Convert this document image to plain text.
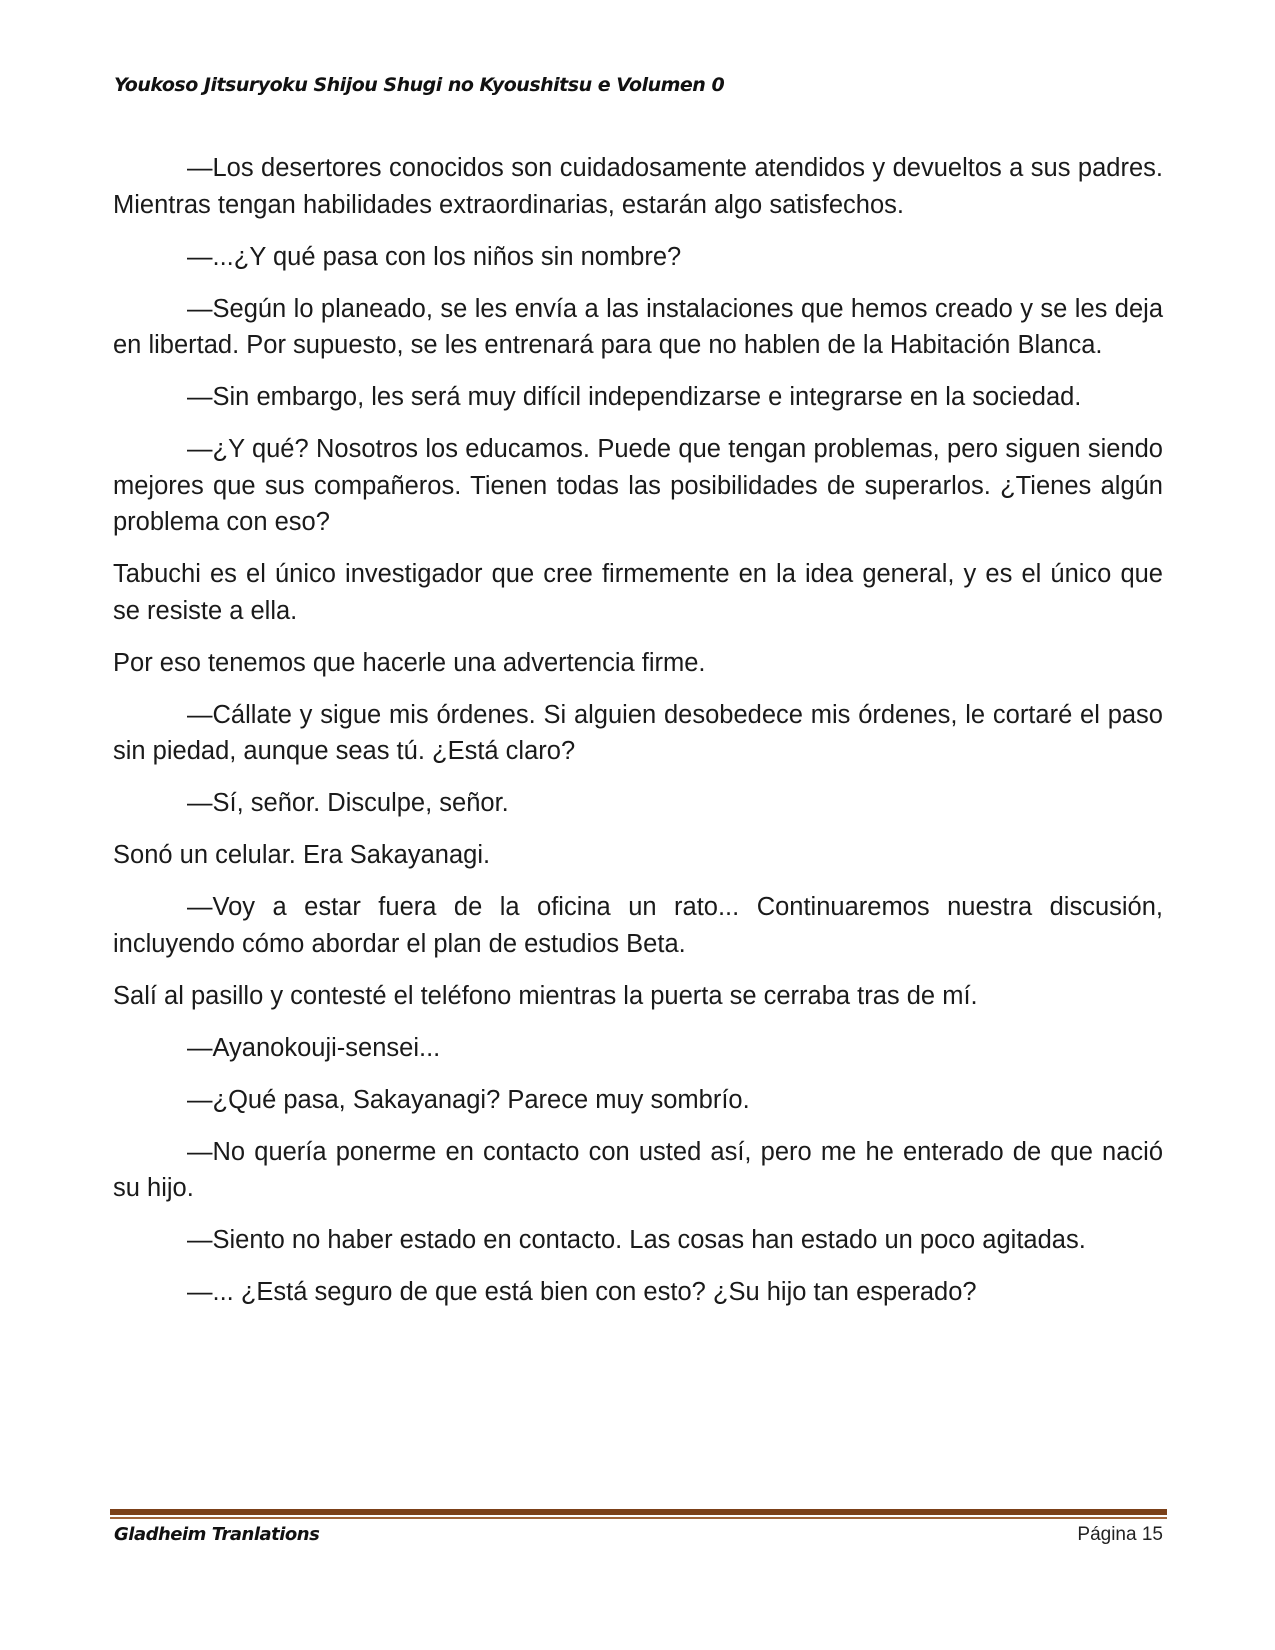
Youkoso Jitsuryoku Shijou Shugi no Kyoushitsu e Volumen 0

—Los desertores conocidos son cuidadosamente atendidos y devueltos a sus padres. Mientras tengan habilidades extraordinarias, estarán algo satisfechos.

—...¿Y qué pasa con los niños sin nombre?

—Según lo planeado, se les envía a las instalaciones que hemos creado y se les deja en libertad. Por supuesto, se les entrenará para que no hablen de la Habitación Blanca.

—Sin embargo, les será muy difícil independizarse e integrarse en la sociedad.

—¿Y qué? Nosotros los educamos. Puede que tengan problemas, pero siguen siendo mejores que sus compañeros. Tienen todas las posibilidades de superarlos. ¿Tienes algún problema con eso?

Tabuchi es el único investigador que cree firmemente en la idea general, y es el único que se resiste a ella.

Por eso tenemos que hacerle una advertencia firme.

—Cállate y sigue mis órdenes. Si alguien desobedece mis órdenes, le cortaré el paso sin piedad, aunque seas tú. ¿Está claro?

—Sí, señor. Disculpe, señor.

Sonó un celular. Era Sakayanagi.

—Voy a estar fuera de la oficina un rato... Continuaremos nuestra discusión, incluyendo cómo abordar el plan de estudios Beta.

Salí al pasillo y contesté el teléfono mientras la puerta se cerraba tras de mí.

—Ayanokouji-sensei...

—¿Qué pasa, Sakayanagi? Parece muy sombrío.

—No quería ponerme en contacto con usted así, pero me he enterado de que nació su hijo.

—Siento no haber estado en contacto. Las cosas han estado un poco agitadas.

—... ¿Está seguro de que está bien con esto? ¿Su hijo tan esperado?

Gladheim Tranlations	Página 15
